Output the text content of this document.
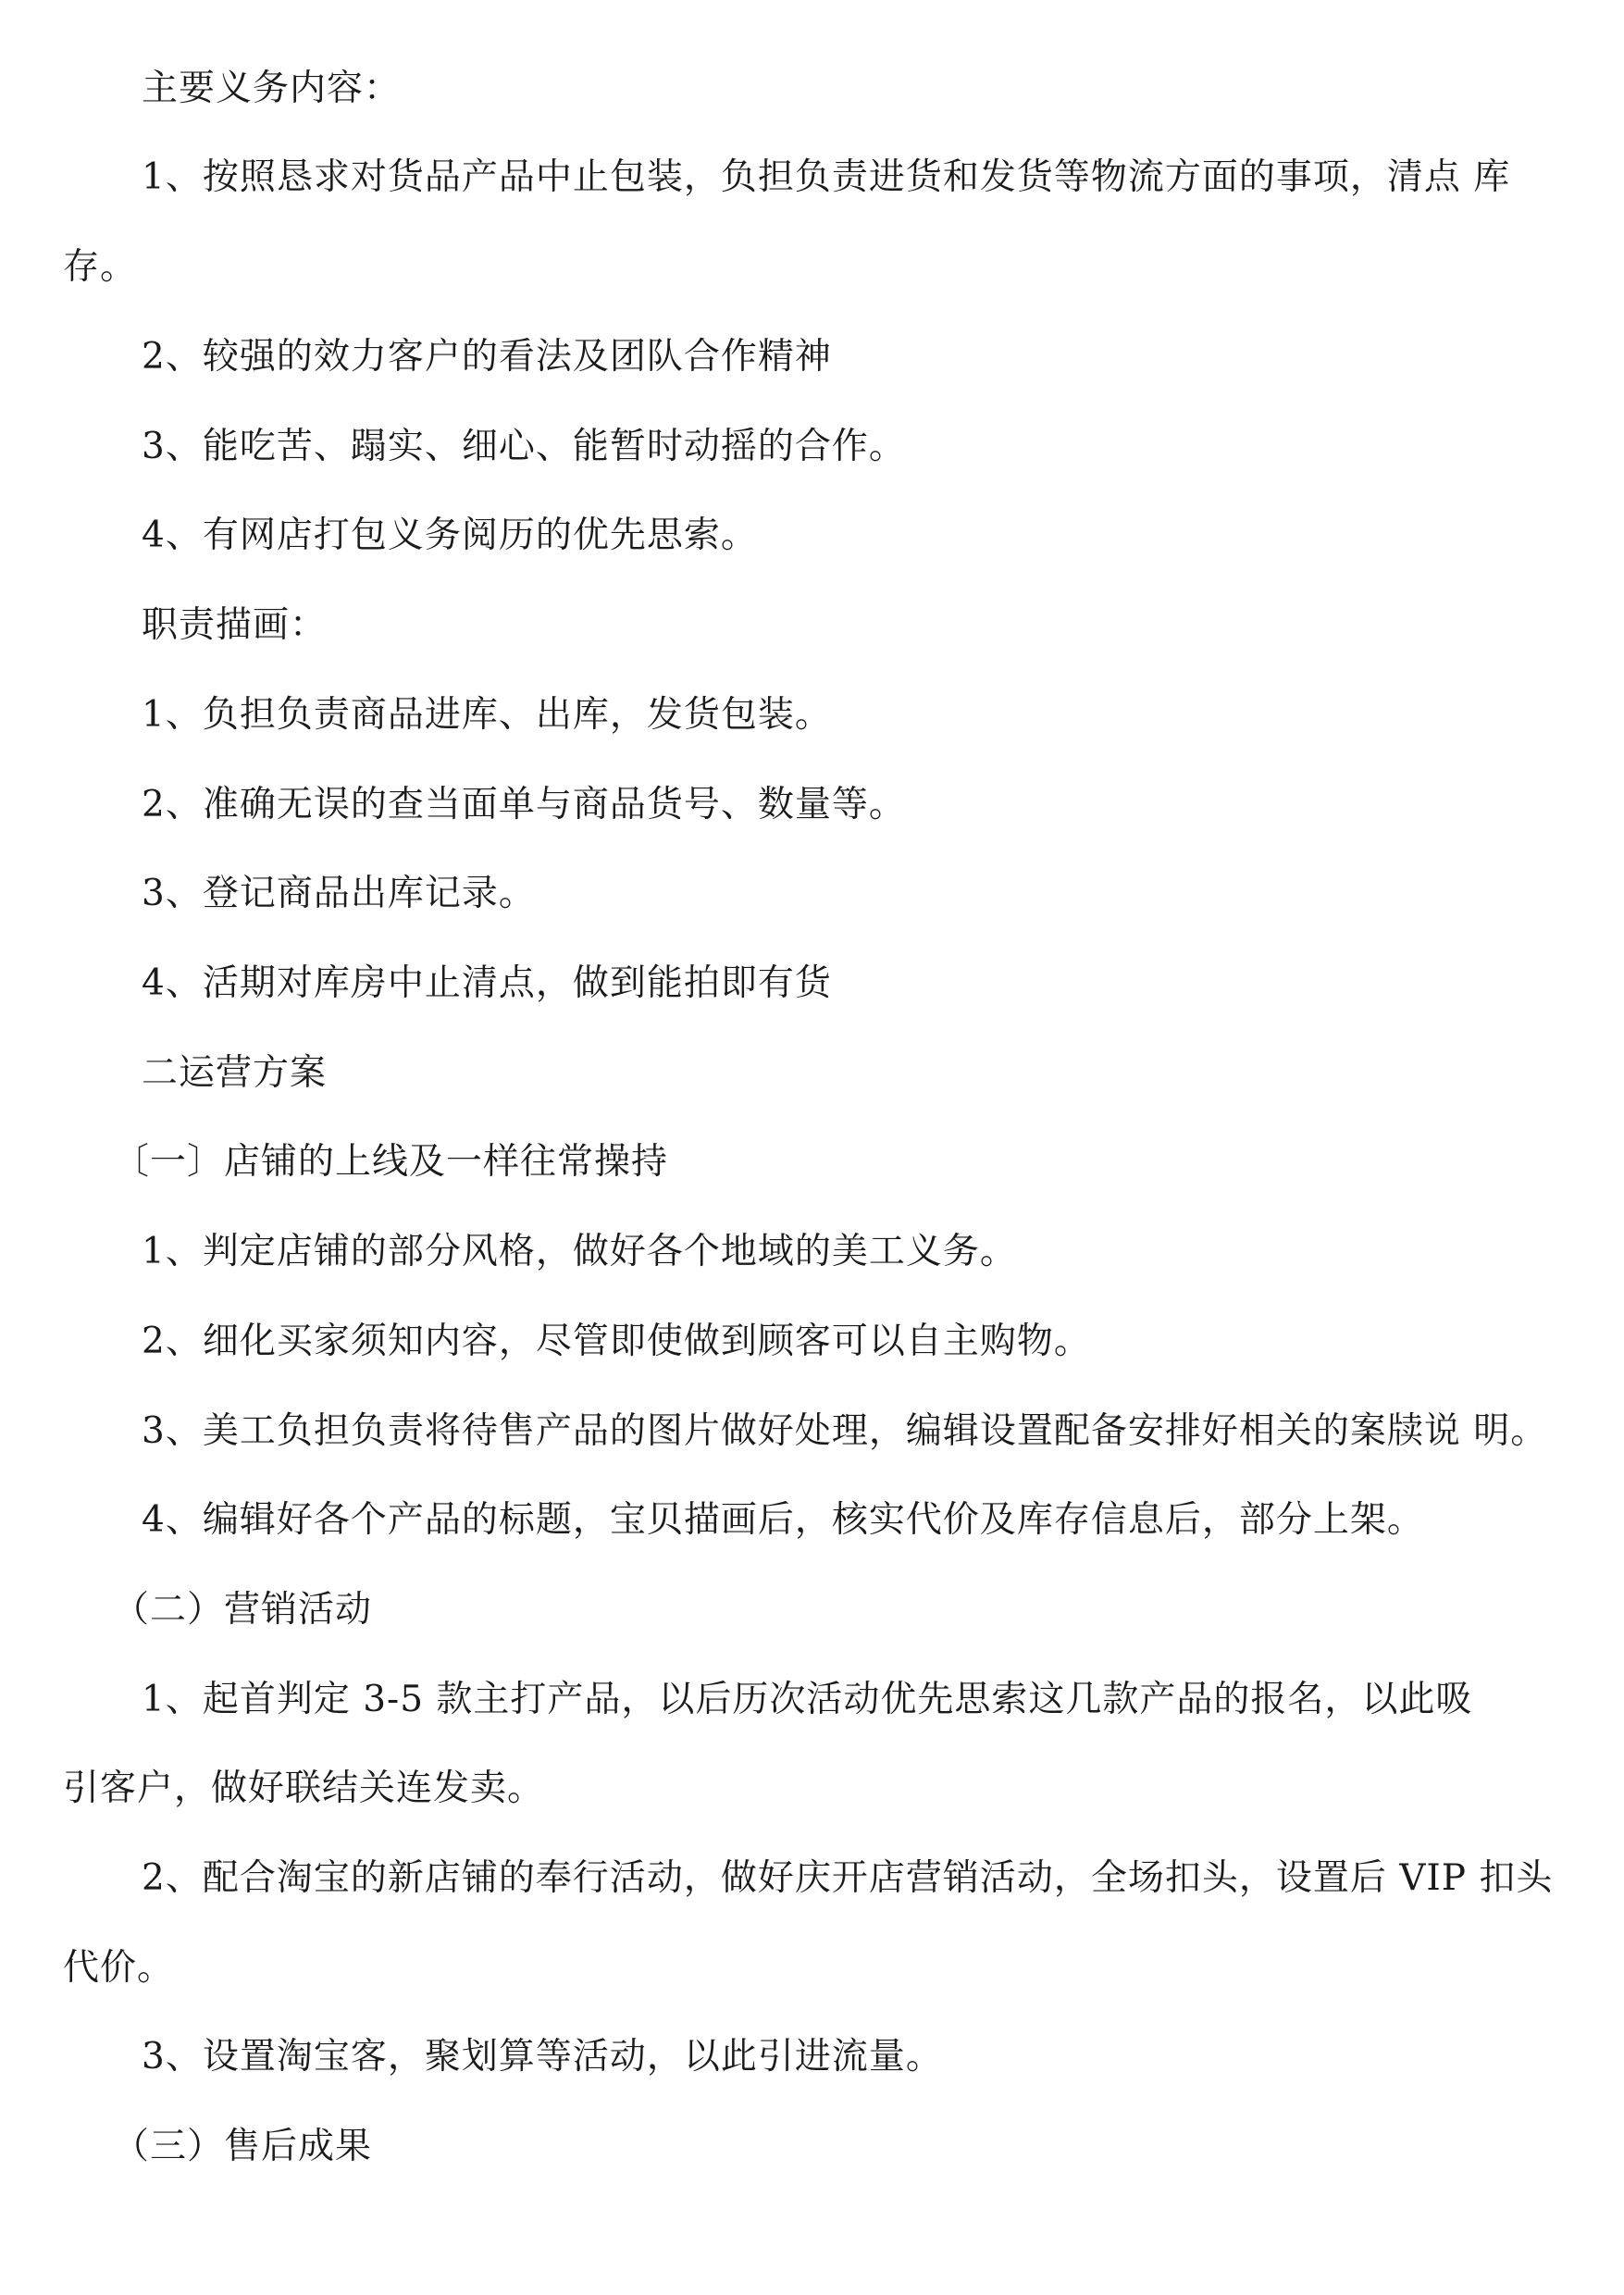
主要义务内容：
1、按照恳求对货品产品中止包装，负担负责进货和发货等物流方面的事项，清点 库
存。
2、较强的效力客户的看法及团队合作精神
3、能吃苦、蹋实、细心、能暂时动摇的合作。
4、有网店打包义务阅历的优先思索。
职责描画：
1、负担负责商品进库、出库，发货包装。
2、准确无误的查当面单与商品货号、数量等。
3、登记商品出库记录。
4、活期对库房中止清点，做到能拍即有货
二运营方案
〔一〕店铺的上线及一样往常操持
1、判定店铺的部分风格，做好各个地域的美工义务。
2、细化买家须知内容，尽管即使做到顾客可以自主购物。
3、美工负担负责将待售产品的图片做好处理，编辑设置配备安排好相关的案牍说 明。
4、编辑好各个产品的标题，宝贝描画后，核实代价及库存信息后，部分上架。
（二）营销活动
1、起首判定 3-5 款主打产品，以后历次活动优先思索这几款产品的报名，以此吸
引客户，做好联结关连发卖。
2、配合淘宝的新店铺的奉行活动，做好庆开店营销活动，全场扣头，设置后 VIP 扣头
代价。
3、设置淘宝客，聚划算等活动，以此引进流量。
（三）售后成果
